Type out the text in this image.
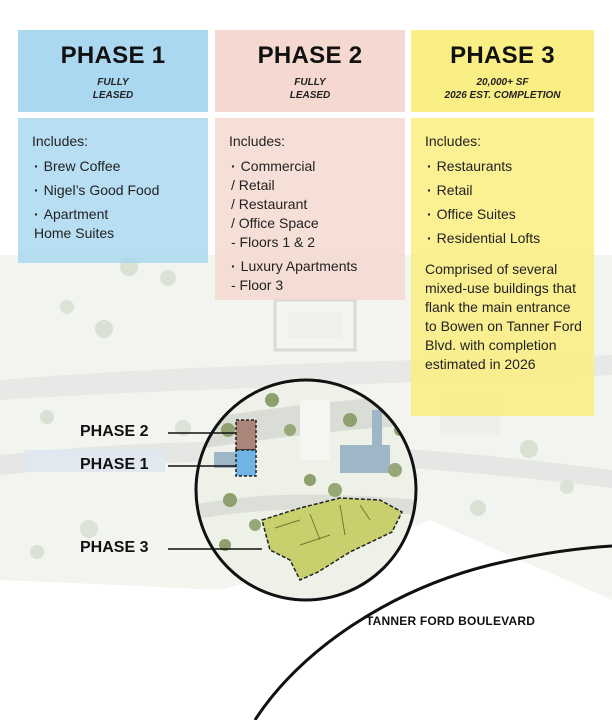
PHASE 1
FULLY
LEASED
Includes:
· Brew Coffee
· Nigel’s Good Food
· Apartment
Home Suites
PHASE 2
FULLY
LEASED
Includes:
· Commercial
/ Retail
/ Restaurant
/ Office Space
- Floors 1 & 2
· Luxury Apartments
- Floor 3
PHASE 3
20,000+ SF
2026 EST. COMPLETION
Includes:
· Restaurants
· Retail
· Office Suites
· Residential Lofts
Comprised of several mixed-use buildings that flank the main entrance to Bowen on Tanner Ford Blvd. with completion estimated in 2026
PHASE 2
PHASE 1
PHASE 3
TANNER FORD BOULEVARD
